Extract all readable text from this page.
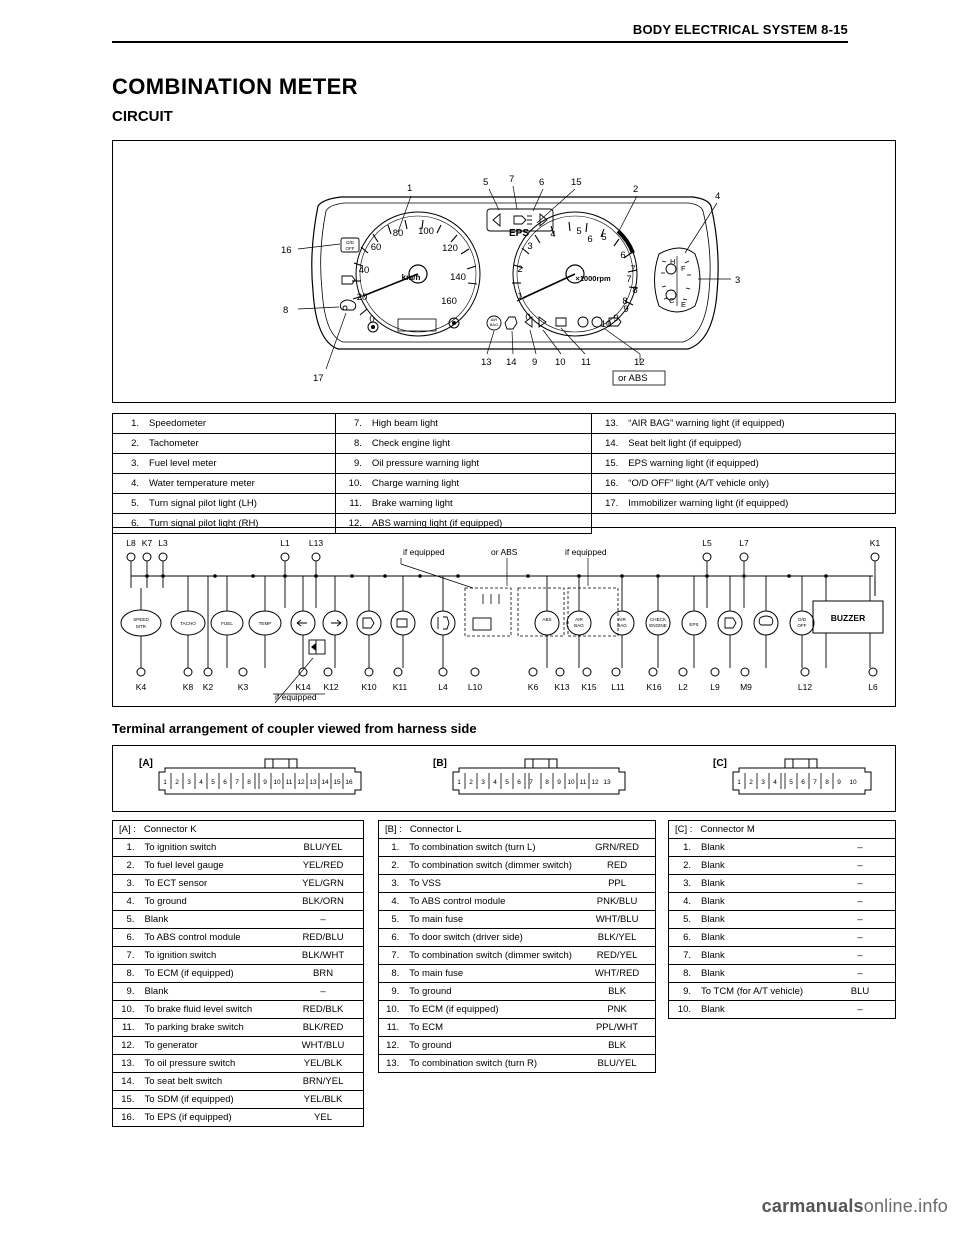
BODY ELECTRICAL SYSTEM 8-15
COMBINATION METER
CIRCUIT
0
20
40
60
80 100
120
140
160
km/h
0
1
2
3
4 5
5
6
7
8
9
6
7
8
9
10
×1000rpm
H
C
F
E
EPS
AIR
BAG
O/D
OFF
1
5 7	6	15
2
4
3
16
8
17
13 14 9 10 11	12
or ABS
1.	Speedometer	7.	High beam light	13.	“AIR BAG” warning light (if equipped)
2.	Tachometer	8.	Check engine light	14.	Seat belt light (if equipped)
3.	Fuel level meter	9.	Oil pressure warning light	15.	EPS warning light (if equipped)
4.	Water temperature meter	10.	Charge warning light	16.	“O/D OFF” light (A/T vehicle only)
5.	Turn signal pilot light (LH)	11.	Brake warning light	17.	Immobilizer warning light (if equipped)
6.	Turn signal pilot light (RH)	12.	ABS warning light (if equipped)		
L8 K7 L3	L1 L13	L5	L7	K1
SPEED
MTR
TACHO	FUEL	TEMP
ABS	AIR
BAG
AIR
BAG
CHECK
ENGINE	EPS
O/D
OFF
BUZZER
K4	K8 K2	K3	K14 K12	K10 K11	L4 L10	K6 K13 K15 L11	K16 L2	L9 M9	L12	L6
if equipped	or ABS	if equipped
if equipped
Terminal arrangement of coupler viewed from harness side
[A]
1 2 3 4 5 6 7 8 9 10 11 12 13 14 15 16
[B]
1 2 3 4 5 6 7 8 9 10 11 12 13
[C]
1 2 3 4 5 6 7 8 9 10
[A] : Connector K		
1.	To ignition switch	BLU/YEL
2.	To fuel level gauge	YEL/RED
3.	To ECT sensor	YEL/GRN
4.	To ground	BLK/ORN
5.	Blank	–
6.	To ABS control module	RED/BLU
7.	To ignition switch	BLK/WHT
8.	To ECM (if equipped)	BRN
9.	Blank	–
10.	To brake fluid level switch	RED/BLK
11.	To parking brake switch	BLK/RED
12.	To generator	WHT/BLU
13.	To oil pressure switch	YEL/BLK
14.	To seat belt switch	BRN/YEL
15.	To SDM (if equipped)	YEL/BLK
16.	To EPS (if equipped)	YEL
[B] : Connector L		
1.	To combination switch (turn L)	GRN/RED
2.	To combination switch (dimmer switch)	RED
3.	To VSS	PPL
4.	To ABS control module	PNK/BLU
5.	To main fuse	WHT/BLU
6.	To door switch (driver side)	BLK/YEL
7.	To combination switch (dimmer switch)	RED/YEL
8.	To main fuse	WHT/RED
9.	To ground	BLK
10.	To ECM (if equipped)	PNK
11.	To ECM	PPL/WHT
12.	To ground	BLK
13.	To combination switch (turn R)	BLU/YEL
[C] : Connector M		
1.	Blank	–
2.	Blank	–
3.	Blank	–
4.	Blank	–
5.	Blank	–
6.	Blank	–
7.	Blank	–
8.	Blank	–
9.	To TCM (for A/T vehicle)	BLU
10.	Blank	–
carmanualsonline.info
